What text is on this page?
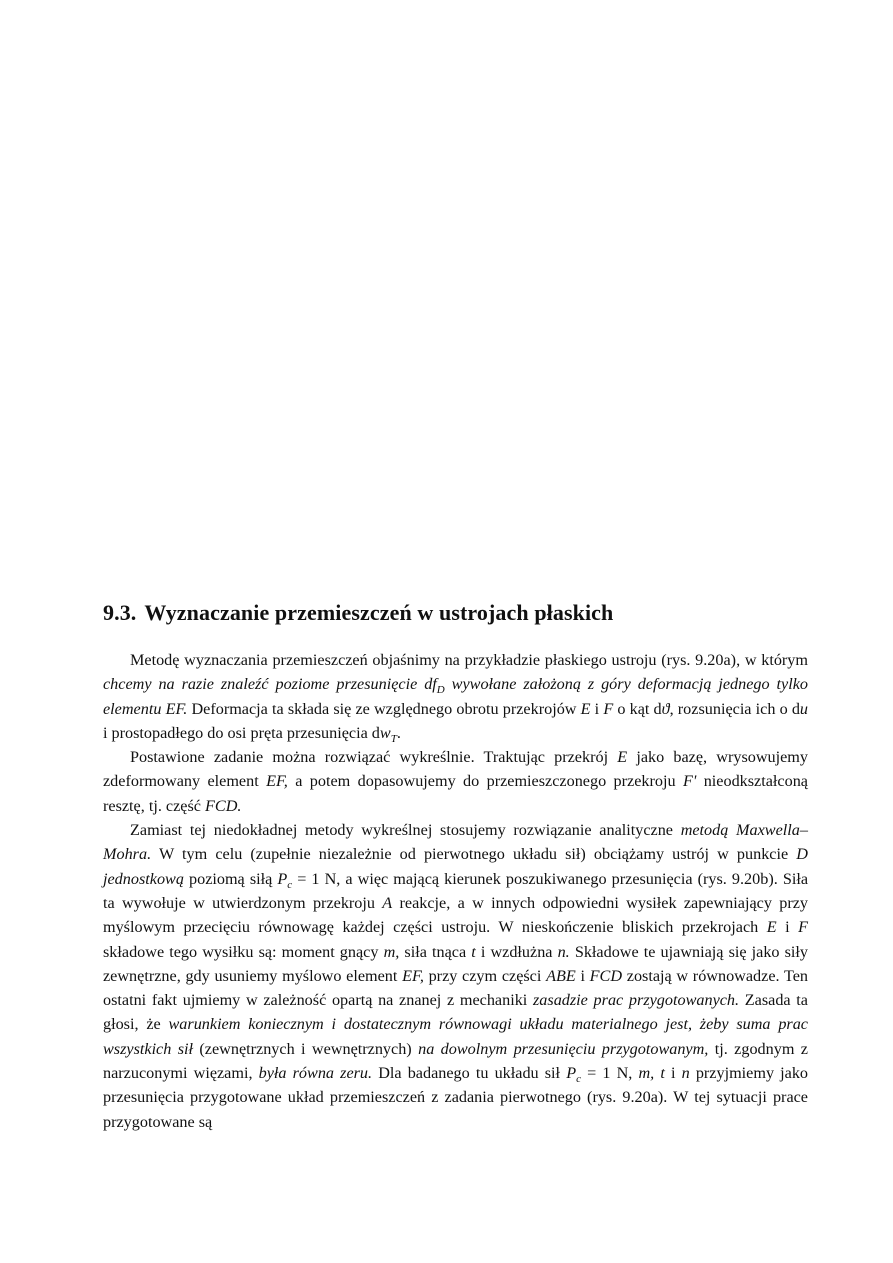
9.3. Wyznaczanie przemieszczeń w ustrojach płaskich

Metodę wyznaczania przemieszczeń objaśnimy na przykładzie płaskiego ustroju (rys. 9.20a), w którym chcemy na razie znaleźć poziome przesunięcie $df_D$ wywołane założoną z góry deformacją jednego tylko elementu EF. Deformacja ta składa się ze względnego obrotu przekrojów E i F o kąt dϑ, rozsunięcia ich o du i prostopadłego do osi pręta przesunięcia $dw_T$.

Postawione zadanie można rozwiązać wykreślnie. Traktując przekrój E jako bazę, wrysowujemy zdeformowany element EF, a potem dopasowujemy do przemieszczonego przekroju F' nieodkształconą resztę, tj. część FCD.

Zamiast tej niedokładnej metody wykreślnej stosujemy rozwiązanie analityczne metodą Maxwella–Mohra. W tym celu (zupełnie niezależnie od pierwotnego układu sił) obciążamy ustrój w punkcie D jednostkową poziomą siłą $P_c = 1$ N, a więc mającą kierunek poszukiwanego przesunięcia (rys. 9.20b). Siła ta wywołuje w utwierdzonym przekroju A reakcje, a w innych odpowiedni wysiłek zapewniający przy myślowym przecięciu równowagę każdej części ustroju. W nieskończenie bliskich przekrojach E i F składowe tego wysiłku są: moment gnący m, siła tnąca t i wzdłużna n. Składowe te ujawniają się jako siły zewnętrzne, gdy usuniemy myślowo element EF, przy czym części ABE i FCD zostają w równowadze. Ten ostatni fakt ujmiemy w zależność opartą na znanej z mechaniki zasadzie prac przygotowanych. Zasada ta głosi, że warunkiem koniecznym i dostatecznym równowagi układu materialnego jest, żeby suma prac wszystkich sił (zewnętrznych i wewnętrznych) na dowolnym przesunięciu przygotowanym, tj. zgodnym z narzuconymi więzami, była równa zeru. Dla badanego tu układu sił $P_c = 1$ N, m, t i n przyjmiemy jako przesunięcia przygotowane układ przemieszczeń z zadania pierwotnego (rys. 9.20a). W tej sytuacji prace przygotowane są
